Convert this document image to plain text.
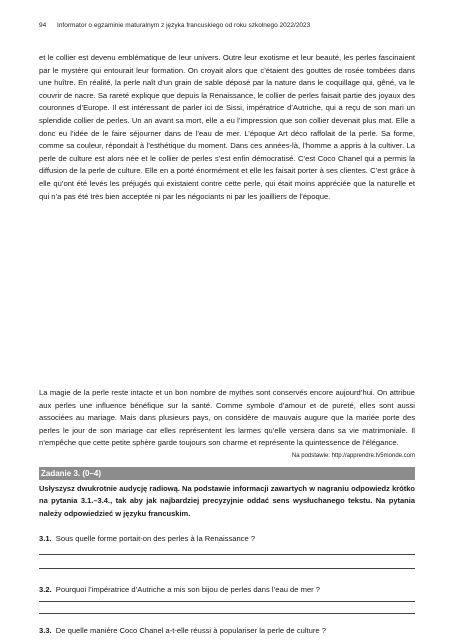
94 Informator o egzaminie maturalnym z języka francuskiego od roku szkolnego 2022/2023

et le collier est devenu emblématique de leur univers. Outre leur exotisme et leur beauté, les perles fascinaient par le mystère qui entourait leur formation. On croyait alors que c’étaient des gouttes de rosée tombées dans une huître. En réalité, la perle naît d’un grain de sable déposé par la nature dans le coquillage qui, gêné, va le couvrir de nacre. Sa rareté explique que depuis la Renaissance, le collier de perles faisait partie des joyaux des couronnes d’Europe. Il est intéressant de parler ici de Sissi, impératrice d’Autriche, qui a reçu de son mari un splendide collier de perles. Un an avant sa mort, elle a eu l’impression que son collier devenait plus mat. Elle a donc eu l’idée de le faire séjourner dans de l’eau de mer. L’époque Art déco raffolait de la perle. Sa forme, comme sa couleur, répondait à l’esthétique du moment. Dans ces années-là, l’homme a appris à la cultiver. La perle de culture est alors née et le collier de perles s’est enfin démocratisé. C’est Coco Chanel qui a permis la diffusion de la perle de culture. Elle en a porté énormément et elle les faisait porter à ses clientes. C’est grâce à elle qu’ont été levés les préjugés qui existaient contre cette perle, qui était moins appréciée que la naturelle et qui n’a pas été très bien acceptée ni par les négociants ni par les joailliers de l’époque.

La magie de la perle reste intacte et un bon nombre de mythes sont conservés encore aujourd’hui. On attribue aux perles une influence bénéfique sur la santé. Comme symbole d’amour et de pureté, elles sont aussi associées au mariage. Mais dans plusieurs pays, on considère de mauvais augure que la mariée porte des perles le jour de son mariage car elles représentent les larmes qu’elle versera dans sa vie matrimoniale. Il n’empêche que cette petite sphère garde toujours son charme et représente la quintessence de l’élégance.

Na podstawie: http://apprendre.tv5monde.com

Zadanie 3. (0–4)

Usłyszysz dwukrotnie audycję radiową. Na podstawie informacji zawartych w nagraniu odpowiedz krótko na pytania 3.1.–3.4., tak aby jak najbardziej precyzyjnie oddać sens wysłuchanego tekstu. Na pytania należy odpowiedzieć w języku francuskim.

3.1. Sous quelle forme portait-on des perles à la Renaissance ?
3.2. Pourquoi l’impératrice d’Autriche a mis son bijou de perles dans l’eau de mer ?
3.3. De quelle manière Coco Chanel a-t-elle réussi à populariser la perle de culture ?
